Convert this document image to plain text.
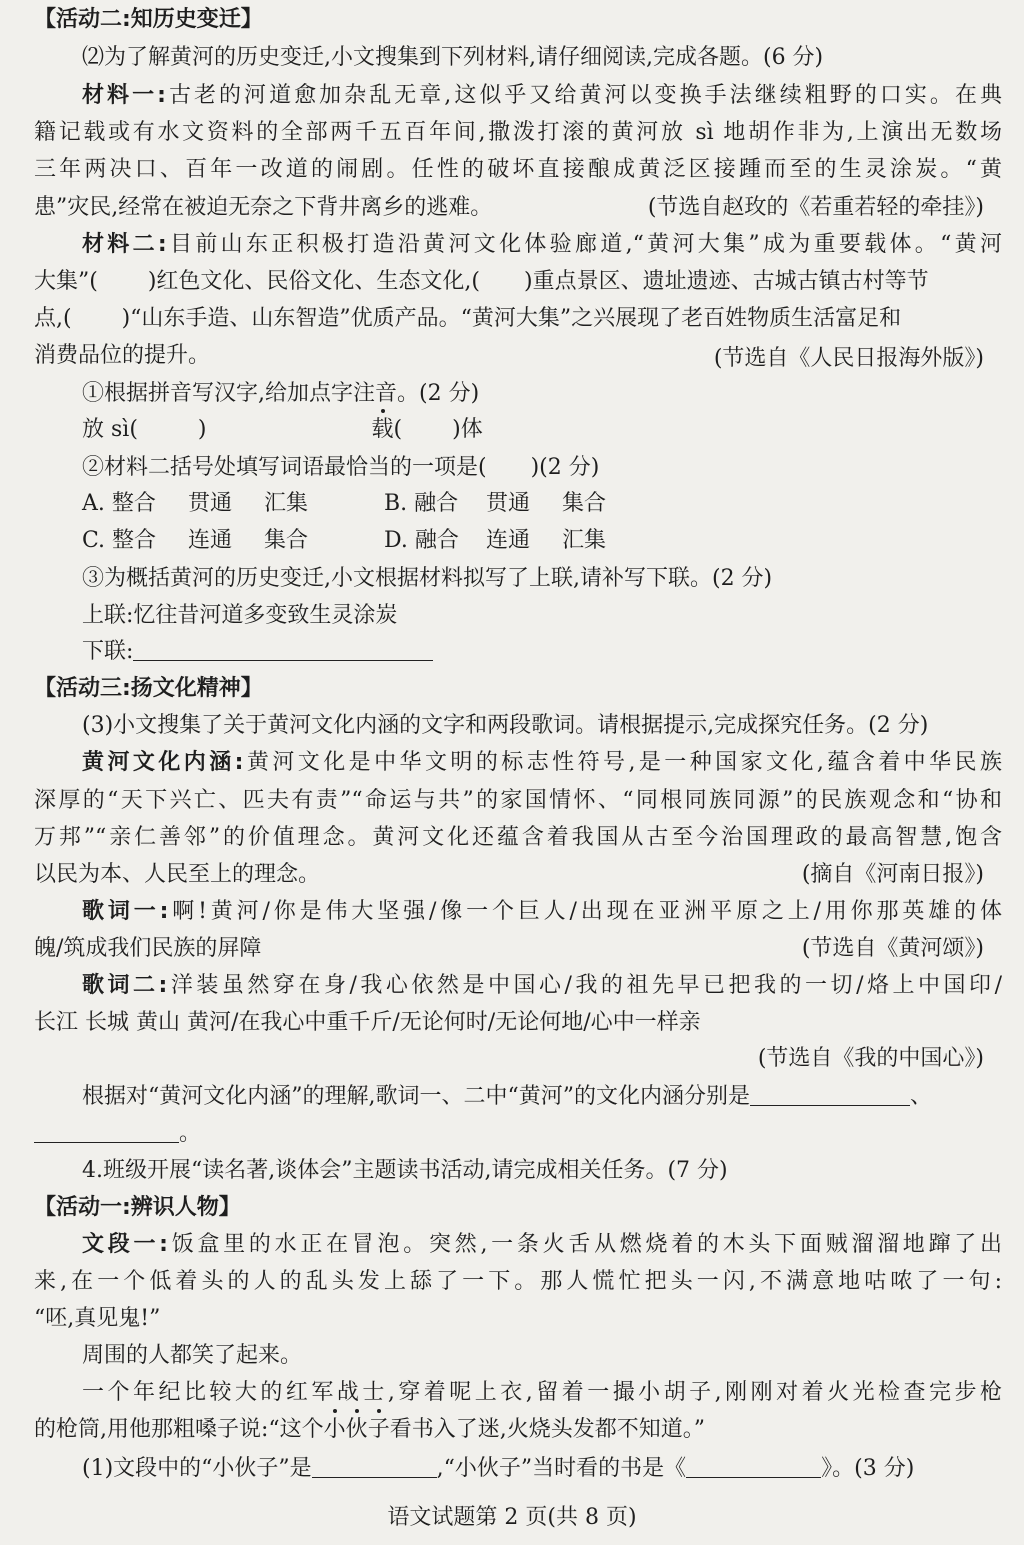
【活动二:知历史变迁】
⑵为了解黄河的历史变迁,小文搜集到下列材料,请仔细阅读,完成各题。(6 分)
材料一:古老的河道愈加杂乱无章,这似乎又给黄河以变换手法继续粗野的口实。在典
籍记载或有水文资料的全部两千五百年间,撒泼打滚的黄河放 sì 地胡作非为,上演出无数场
三年两决口、百年一改道的闹剧。任性的破坏直接酿成黄泛区接踵而至的生灵涂炭。“黄
患”灾民,经常在被迫无奈之下背井离乡的逃难。	(节选自赵玫的《若重若轻的牵挂》)
材料二:目前山东正积极打造沿黄河文化体验廊道,“黄河大集”成为重要载体。“黄河
大集”( )红色文化、民俗文化、生态文化,( )重点景区、遗址遗迹、古城古镇古村等节
点,( )“山东手造、山东智造”优质产品。“黄河大集”之兴展现了老百姓物质生活富足和
消费品位的提升。	(节选自《人民日报海外版》)
①根据拼音写汉字,给加点字注音。(2 分)
放 sì(	)	载( )体
②材料二括号处填写词语最恰当的一项是( )(2 分)
A. 整合 贯通 汇集	B. 融合 贯通 集合
C. 整合 连通 集合	D. 融合 连通 汇集
③为概括黄河的历史变迁,小文根据材料拟写了上联,请补写下联。(2 分)
上联:忆往昔河道多变致生灵涂炭
下联:
【活动三:扬文化精神】
(3)小文搜集了关于黄河文化内涵的文字和两段歌词。请根据提示,完成探究任务。(2 分)
黄河文化内涵:黄河文化是中华文明的标志性符号,是一种国家文化,蕴含着中华民族
深厚的“天下兴亡、匹夫有责”“命运与共”的家国情怀、“同根同族同源”的民族观念和“协和
万邦”“亲仁善邻”的价值理念。黄河文化还蕴含着我国从古至今治国理政的最高智慧,饱含
以民为本、人民至上的理念。	(摘自《河南日报》)
歌词一:啊!黄河/你是伟大坚强/像一个巨人/出现在亚洲平原之上/用你那英雄的体
魄/筑成我们民族的屏障	(节选自《黄河颂》)
歌词二:洋装虽然穿在身/我心依然是中国心/我的祖先早已把我的一切/烙上中国印/
长江 长城 黄山 黄河/在我心中重千斤/无论何时/无论何地/心中一样亲
(节选自《我的中国心》)
根据对“黄河文化内涵”的理解,歌词一、二中“黄河”的文化内涵分别是	、
。
4.班级开展“读名著,谈体会”主题读书活动,请完成相关任务。(7 分)
【活动一:辨识人物】
文段一:饭盒里的水正在冒泡。突然,一条火舌从燃烧着的木头下面贼溜溜地蹿了出
来,在一个低着头的人的乱头发上舔了一下。那人慌忙把头一闪,不满意地咕哝了一句:
“呸,真见鬼!”
周围的人都笑了起来。
一个年纪比较大的红军战士,穿着呢上衣,留着一撮小胡子,刚刚对着火光检查完步枪
的枪筒,用他那粗嗓子说:“这个小伙子看书入了迷,火烧头发都不知道。”
(1)文段中的“小伙子”是	,“小伙子”当时看的书是《	》。(3 分)
语文试题第 2 页(共 8 页)
